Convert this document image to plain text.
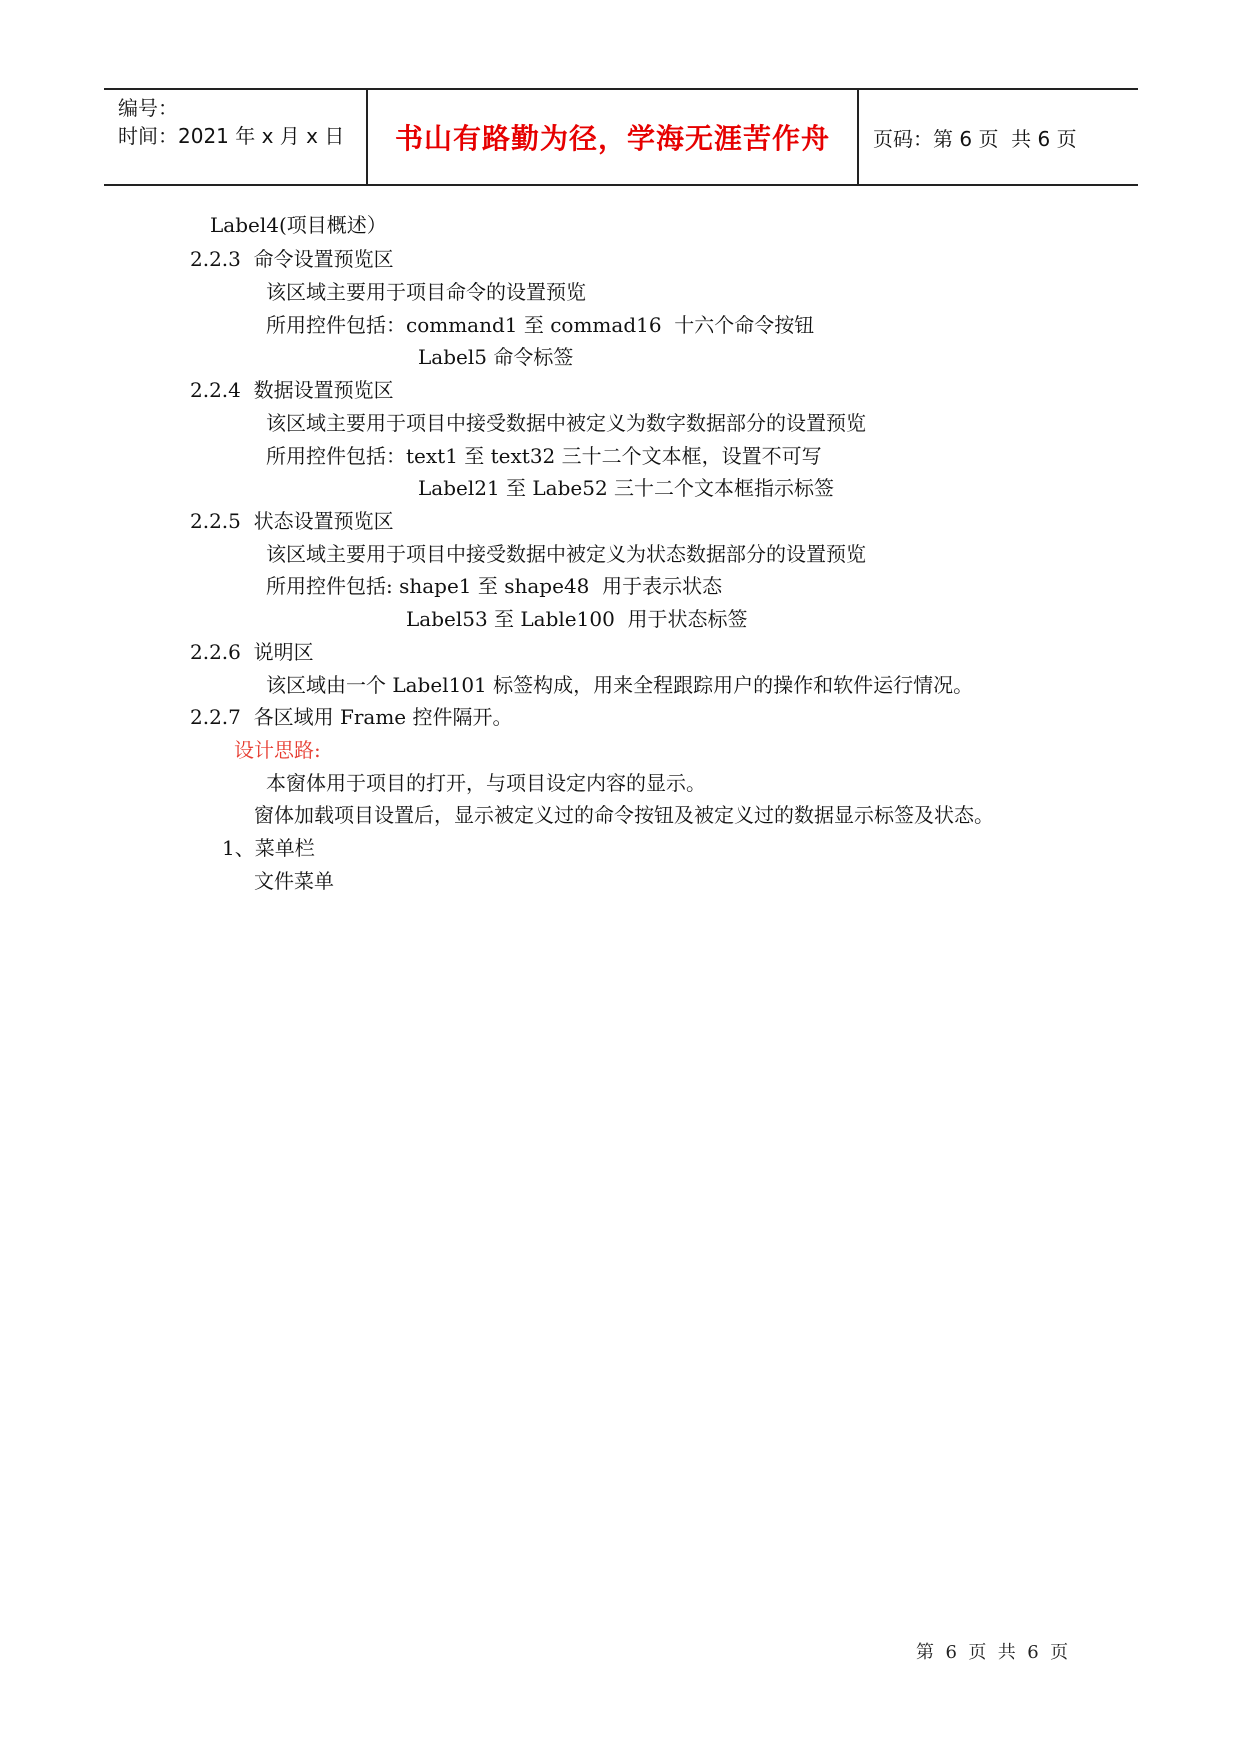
编号：
时间：2021 年 x 月 x 日	书山有路勤为径，学海无涯苦作舟	页码：第 6 页  共 6 页
Label4(项目概述）
2.2.3  命令设置预览区
该区域主要用于项目命令的设置预览
所用控件包括：command1 至 commad16  十六个命令按钮
Label5 命令标签
2.2.4  数据设置预览区
该区域主要用于项目中接受数据中被定义为数字数据部分的设置预览
所用控件包括：text1 至 text32 三十二个文本框，设置不可写
Label21 至 Labe52 三十二个文本框指示标签
2.2.5  状态设置预览区
该区域主要用于项目中接受数据中被定义为状态数据部分的设置预览
所用控件包括: shape1 至 shape48  用于表示状态
Label53 至 Lable100  用于状态标签
2.2.6  说明区
该区域由一个 Label101 标签构成，用来全程跟踪用户的操作和软件运行情况。
2.2.7  各区域用 Frame 控件隔开。
设计思路:
本窗体用于项目的打开，与项目设定内容的显示。
窗体加载项目设置后，显示被定义过的命令按钮及被定义过的数据显示标签及状态。
1、菜单栏
文件菜单
第  6  页  共  6  页
